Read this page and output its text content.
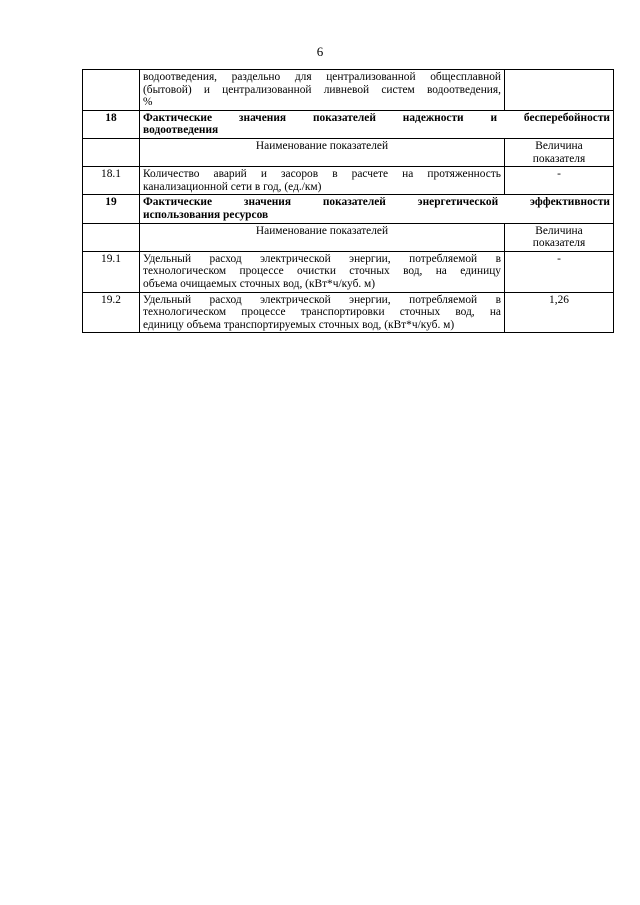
6

	водоотведения, раздельно для централизованной общесплавной
(бытовой) и централизованной ливневой систем водоотведения,
%	

18	Фактические значения показателей надежности и бесперебойности
водоотведения	

	Наименование показателей	Величина
показателя

18.1	Количество аварий и засоров в расчете на протяженность
канализационной сети в год, (ед./км)	-
19	Фактические значения показателей энергетической эффективности
использования ресурсов	

	Наименование показателей	Величина
показателя

19.1	Удельный расход электрической энергии, потребляемой в
технологическом процессе очистки сточных вод, на единицу
объема очищаемых сточных вод, (кВт*ч/куб. м)	-
19.2	Удельный расход электрической энергии, потребляемой в
технологическом процессе транспортировки сточных вод, на
единицу объема транспортируемых сточных вод, (кВт*ч/куб. м)	1,26
